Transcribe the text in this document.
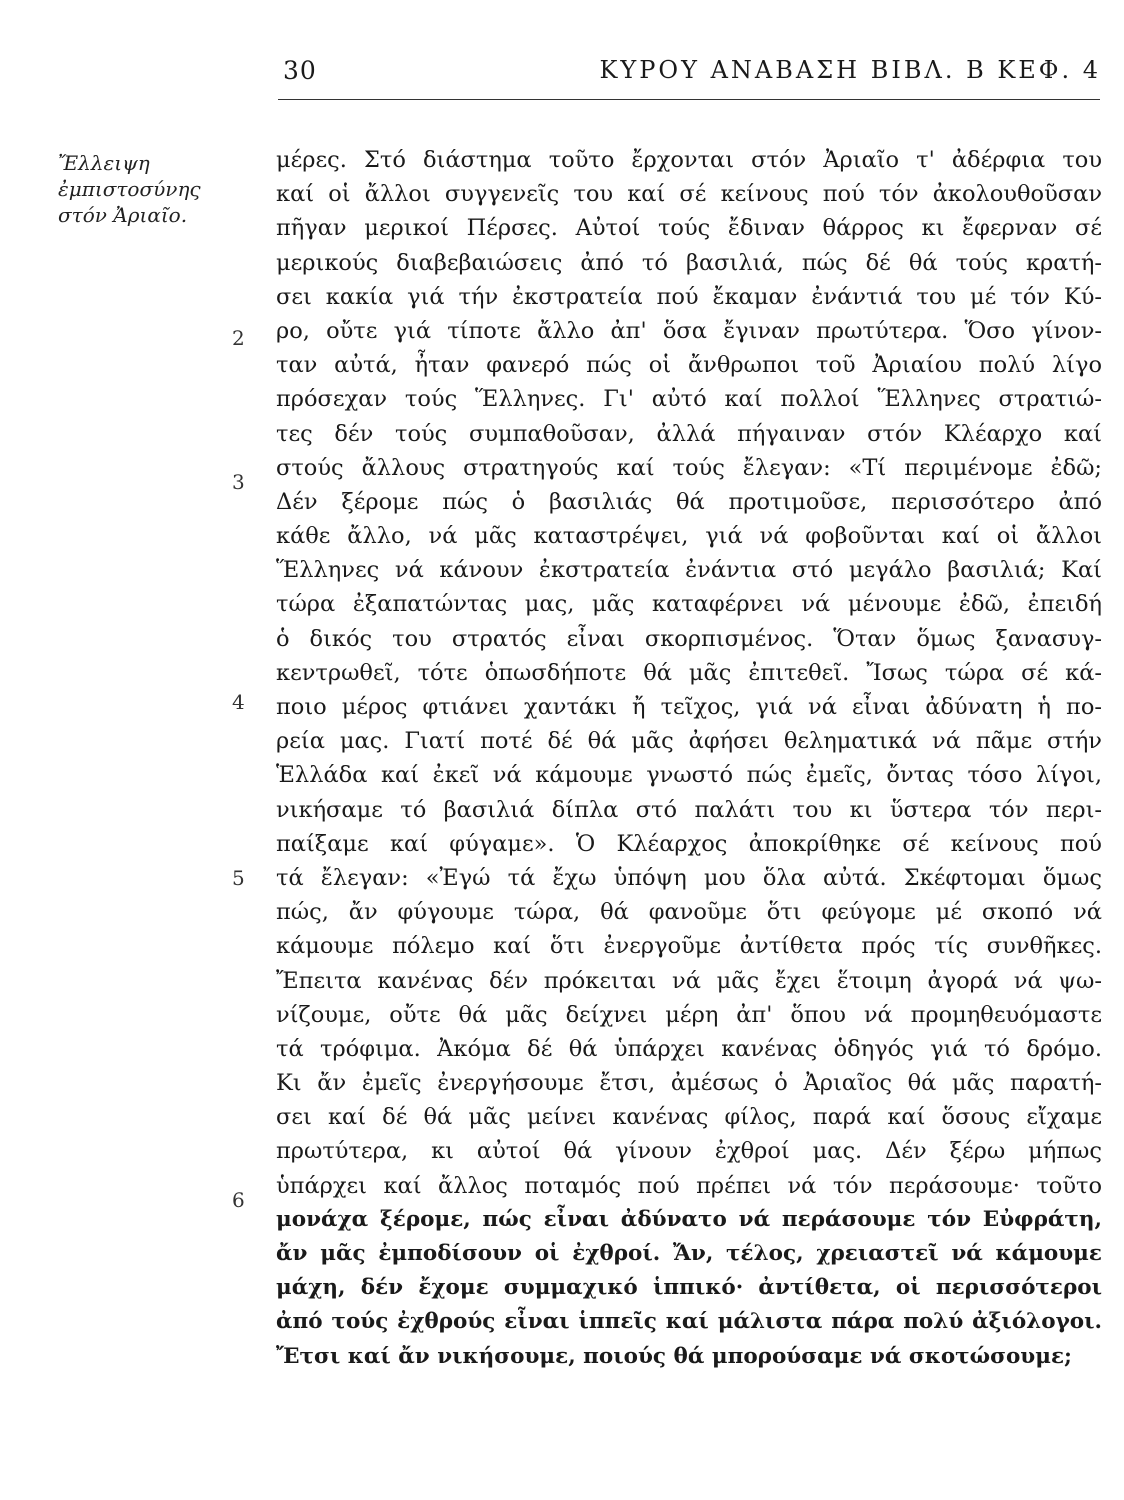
30	ΚΥΡΟΥ ΑΝΑΒΑΣΗ ΒΙΒΛ. Β ΚΕΦ. 4
Ἔλλειψη
ἐμπιστοσύνης
στόν Ἀριαῖο.
2
3
4
5
6
μέρες. Στό διάστημα τοῦτο ἔρχονται στόν Ἀριαῖο τ' ἀδέρφια του
καί οἱ ἄλλοι συγγενεῖς του καί σέ κείνους πού τόν ἀκολουθοῦσαν
πῆγαν μερικοί Πέρσες. Αὐτοί τούς ἔδιναν θάρρος κι ἔφερναν σέ
μερικούς διαβεβαιώσεις ἀπό τό βασιλιά, πώς δέ θά τούς κρατή-
σει κακία γιά τήν ἐκστρατεία πού ἔκαμαν ἐνάντιά του μέ τόν Κύ-
ρο, οὔτε γιά τίποτε ἄλλο ἀπ' ὅσα ἔγιναν πρωτύτερα. Ὅσο γίνον-
ταν αὐτά, ἦταν φανερό πώς οἱ ἄνθρωποι τοῦ Ἀριαίου πολύ λίγο
πρόσεχαν τούς Ἕλληνες. Γι' αὐτό καί πολλοί Ἕλληνες στρατιώ-
τες δέν τούς συμπαθοῦσαν, ἀλλά πήγαιναν στόν Κλέαρχο καί
στούς ἄλλους στρατηγούς καί τούς ἔλεγαν: «Τί περιμένομε ἐδῶ;
Δέν ξέρομε πώς ὁ βασιλιάς θά προτιμοῦσε, περισσότερο ἀπό
κάθε ἄλλο, νά μᾶς καταστρέψει, γιά νά φοβοῦνται καί οἱ ἄλλοι
Ἕλληνες νά κάνουν ἐκστρατεία ἐνάντια στό μεγάλο βασιλιά; Καί
τώρα ἐξαπατώντας μας, μᾶς καταφέρνει νά μένουμε ἐδῶ, ἐπειδή
ὁ δικός του στρατός εἶναι σκορπισμένος. Ὅταν ὅμως ξανασυγ-
κεντρωθεῖ, τότε ὁπωσδήποτε θά μᾶς ἐπιτεθεῖ. Ἴσως τώρα σέ κά-
ποιο μέρος φτιάνει χαντάκι ἤ τεῖχος, γιά νά εἶναι ἀδύνατη ἡ πο-
ρεία μας. Γιατί ποτέ δέ θά μᾶς ἀφήσει θεληματικά νά πᾶμε στήν
Ἑλλάδα καί ἐκεῖ νά κάμουμε γνωστό πώς ἐμεῖς, ὄντας τόσο λίγοι,
νικήσαμε τό βασιλιά δίπλα στό παλάτι του κι ὕστερα τόν περι-
παίξαμε καί φύγαμε». Ὁ Κλέαρχος ἀποκρίθηκε σέ κείνους πού
τά ἔλεγαν: «Ἐγώ τά ἔχω ὑπόψη μου ὅλα αὐτά. Σκέφτομαι ὅμως
πώς, ἄν φύγουμε τώρα, θά φανοῦμε ὅτι φεύγομε μέ σκοπό νά
κάμουμε πόλεμο καί ὅτι ἐνεργοῦμε ἀντίθετα πρός τίς συνθῆκες.
Ἔπειτα κανένας δέν πρόκειται νά μᾶς ἔχει ἕτοιμη ἀγορά νά ψω-
νίζουμε, οὔτε θά μᾶς δείχνει μέρη ἀπ' ὅπου νά προμηθευόμαστε
τά τρόφιμα. Ἀκόμα δέ θά ὑπάρχει κανένας ὁδηγός γιά τό δρόμο.
Κι ἄν ἐμεῖς ἐνεργήσουμε ἔτσι, ἀμέσως ὁ Ἀριαῖος θά μᾶς παρατή-
σει καί δέ θά μᾶς μείνει κανένας φίλος, παρά καί ὅσους εἴχαμε
πρωτύτερα, κι αὐτοί θά γίνουν ἐχθροί μας. Δέν ξέρω μήπως
ὑπάρχει καί ἄλλος ποταμός πού πρέπει νά τόν περάσουμε· τοῦτο
μονάχα ξέρομε, πώς εἶναι ἀδύνατο νά περάσουμε τόν Εὐφράτη,
ἄν μᾶς ἐμποδίσουν οἱ ἐχθροί. Ἄν, τέλος, χρειαστεῖ νά κάμουμε
μάχη, δέν ἔχομε συμμαχικό ἱππικό· ἀντίθετα, οἱ περισσότεροι
ἀπό τούς ἐχθρούς εἶναι ἱππεῖς καί μάλιστα πάρα πολύ ἀξιόλογοι.
Ἔτσι καί ἄν νικήσουμε, ποιούς θά μπορούσαμε νά σκοτώσουμε;
